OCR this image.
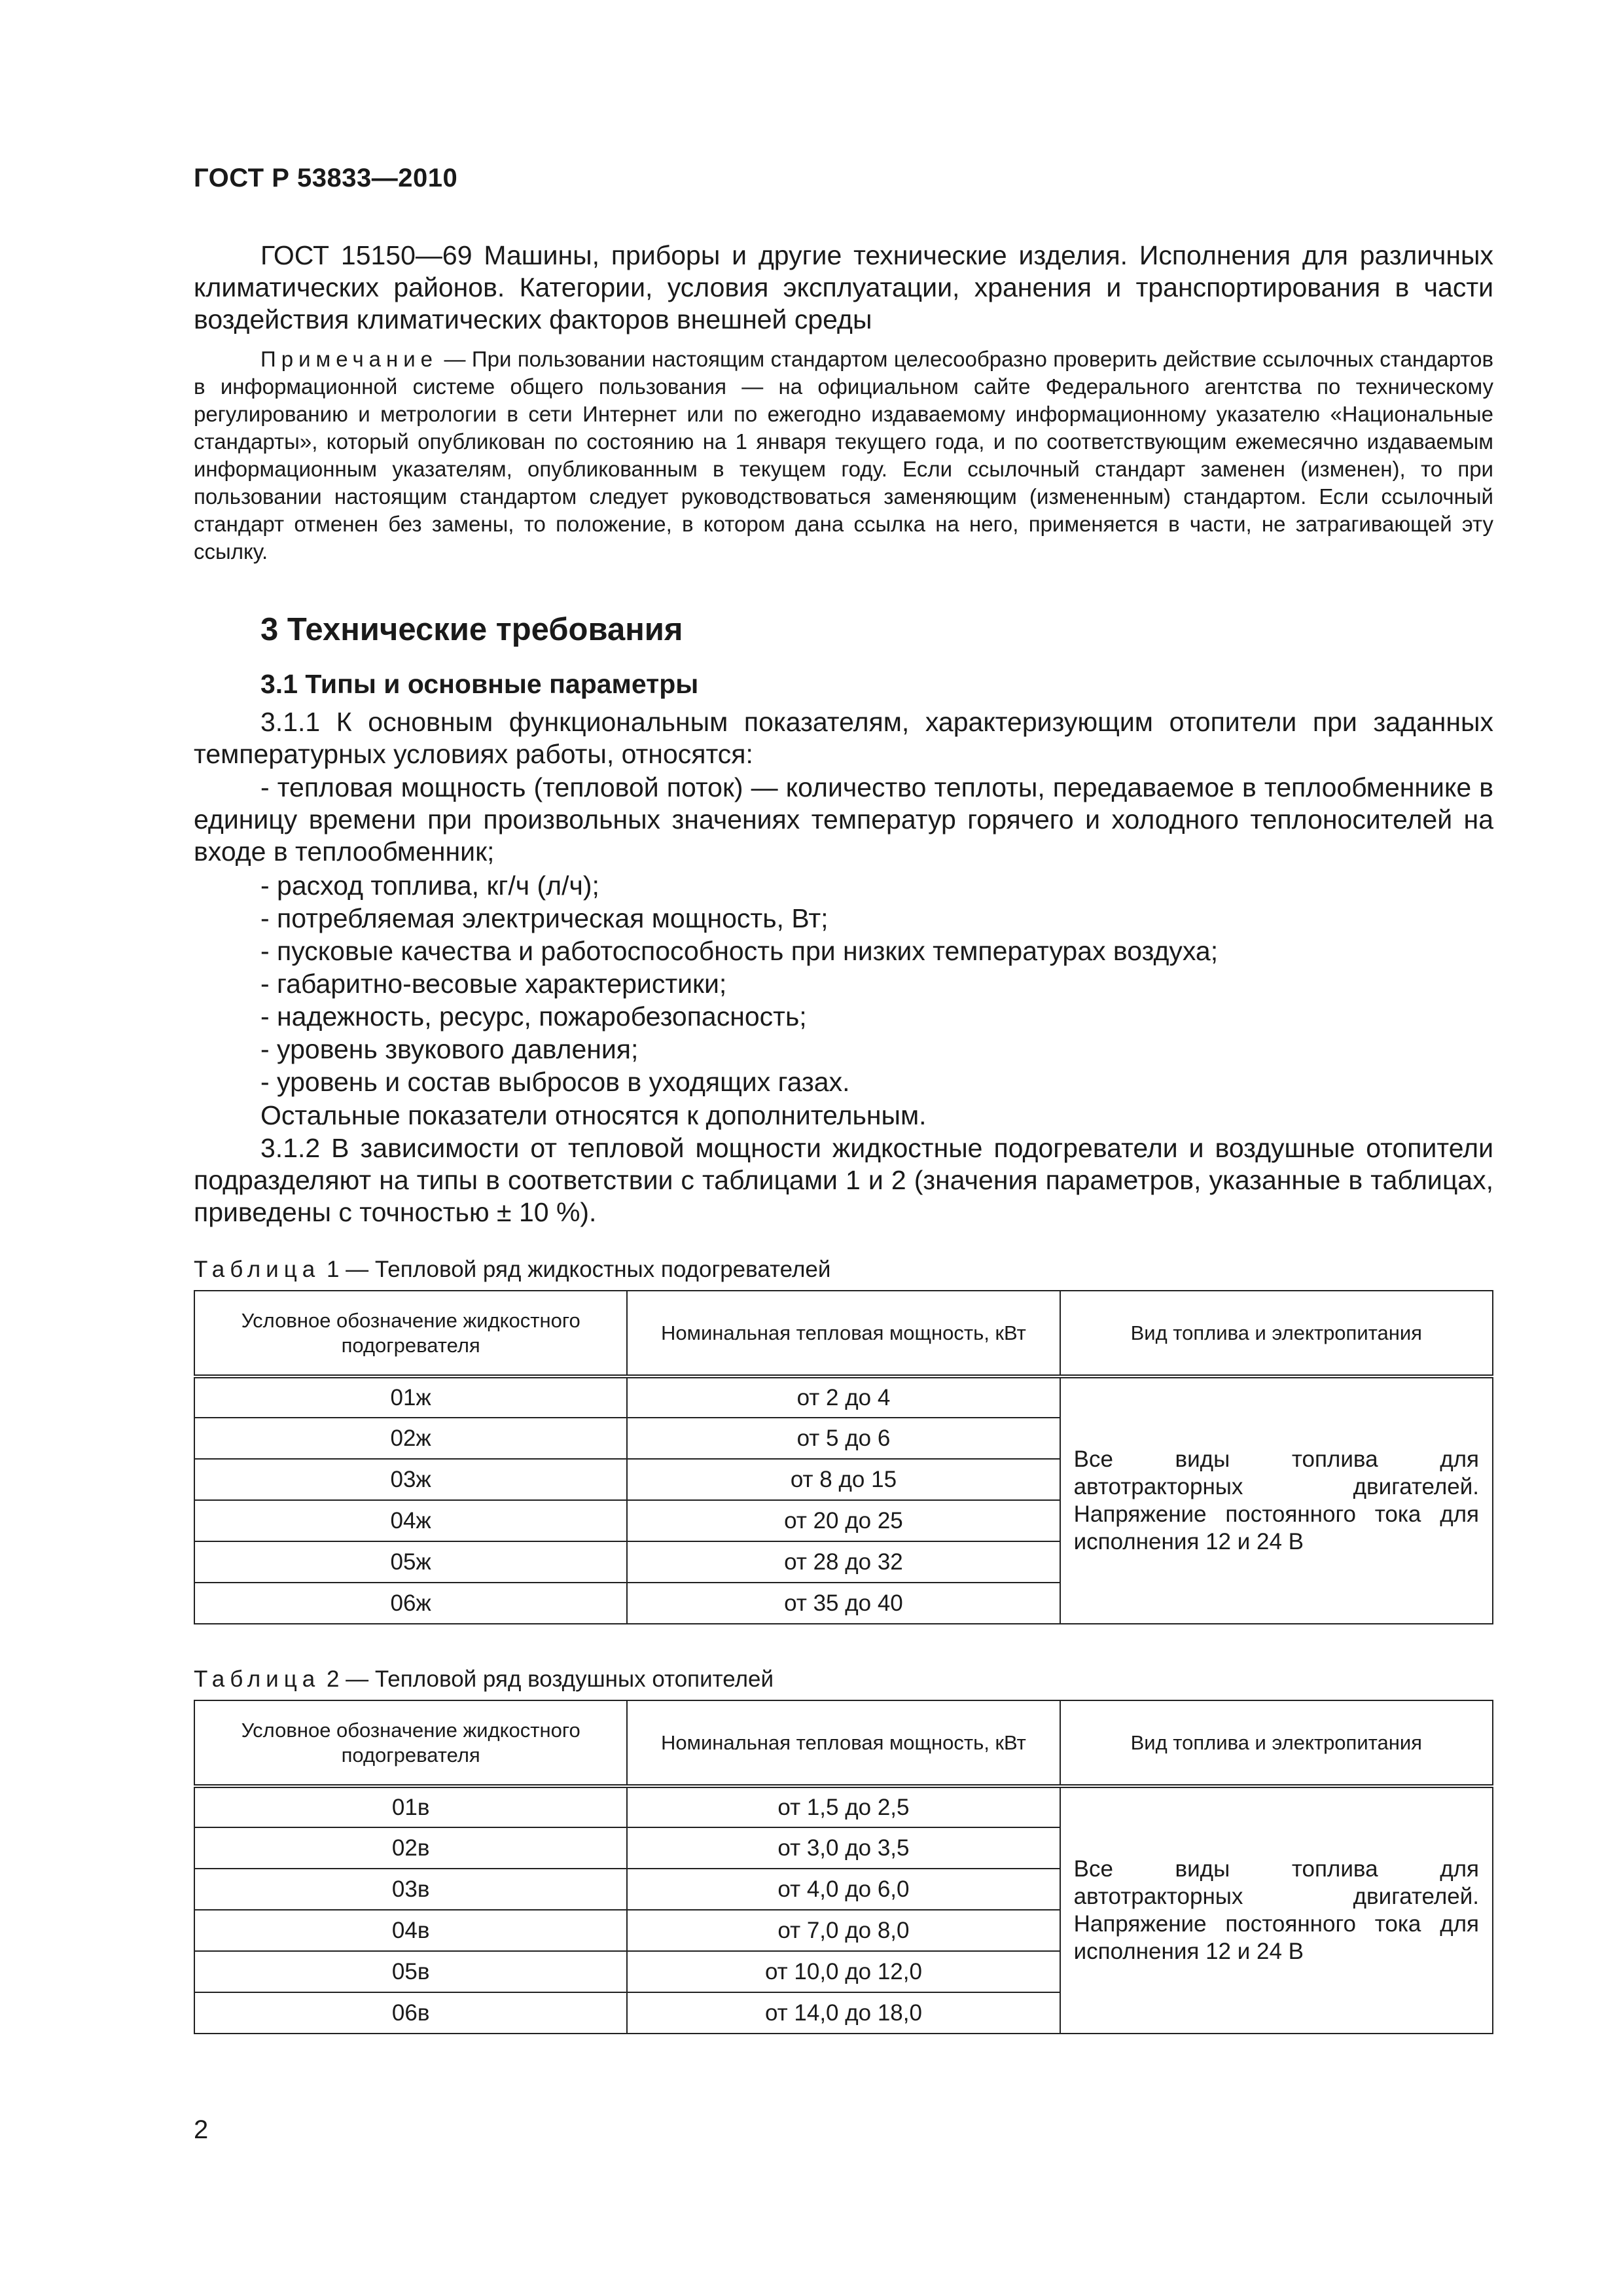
ГОСТ Р 53833—2010
ГОСТ 15150—69 Машины, приборы и другие технические изделия. Исполнения для различных климатических районов. Категории, условия эксплуатации, хранения и транспортирования в части воздействия климатических факторов внешней среды
Примечание — При пользовании настоящим стандартом целесообразно проверить действие ссылочных стандартов в информационной системе общего пользования — на официальном сайте Федерального агентства по техническому регулированию и метрологии в сети Интернет или по ежегодно издаваемому информационному указателю «Национальные стандарты», который опубликован по состоянию на 1 января текущего года, и по соответствующим ежемесячно издаваемым информационным указателям, опубликованным в текущем году. Если ссылочный стандарт заменен (изменен), то при пользовании настоящим стандартом следует руководствоваться заменяющим (измененным) стандартом. Если ссылочный стандарт отменен без замены, то положение, в котором дана ссылка на него, применяется в части, не затрагивающей эту ссылку.
3 Технические требования
3.1 Типы и основные параметры
3.1.1 К основным функциональным показателям, характеризующим отопители при заданных температурных условиях работы, относятся:
- тепловая мощность (тепловой поток) — количество теплоты, передаваемое в теплообменнике в единицу времени при произвольных значениях температур горячего и холодного теплоносителей на входе в теплообменник;
- расход топлива, кг/ч (л/ч);
- потребляемая электрическая мощность, Вт;
- пусковые качества и работоспособность при низких температурах воздуха;
- габаритно-весовые характеристики;
- надежность, ресурс, пожаробезопасность;
- уровень звукового давления;
- уровень и состав выбросов в уходящих газах.
Остальные показатели относятся к дополнительным.
3.1.2 В зависимости от тепловой мощности жидкостные подогреватели и воздушные отопители подразделяют на типы в соответствии с таблицами 1 и 2 (значения параметров, указанные в таблицах, приведены с точностью ± 10 %).
Таблица 1 — Тепловой ряд жидкостных подогревателей
Условное обозначение жидкостного подогревателя	Номинальная тепловая мощность, кВт	Вид топлива и электропитания
01ж	от 2 до 4	Все виды топлива для автотракторных двигателей. Напряжение постоянного тока для исполнения 12 и 24 В
02ж	от 5 до 6	
03ж	от 8 до 15	
04ж	от 20 до 25	
05ж	от 28 до 32	
06ж	от 35 до 40	
Таблица 2 — Тепловой ряд воздушных отопителей
Условное обозначение жидкостного подогревателя	Номинальная тепловая мощность, кВт	Вид топлива и электропитания
01в	от 1,5 до 2,5	Все виды топлива для автотракторных двигателей. Напряжение постоянного тока для исполнения 12 и 24 В
02в	от 3,0 до 3,5	
03в	от 4,0 до 6,0	
04в	от 7,0 до 8,0	
05в	от 10,0 до 12,0	
06в	от 14,0 до 18,0	
2
